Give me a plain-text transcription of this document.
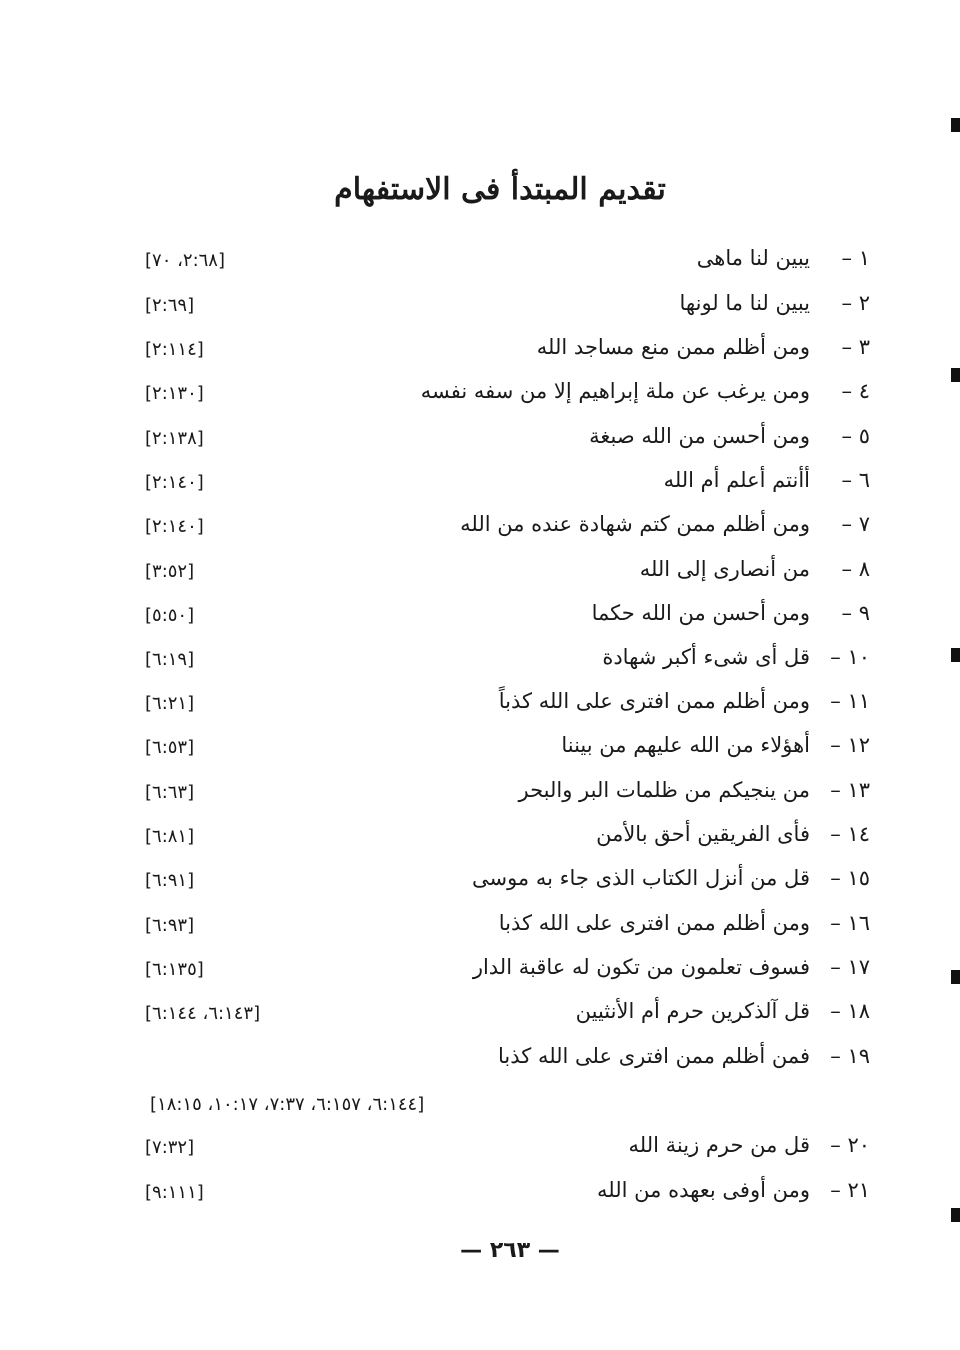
تقديم المبتدأ فى الاستفهام
١ –
يبين لنا ماهى
[٢:٦٨، ٧٠]
٢ –
يبين لنا ما لونها
[٢:٦٩]
٣ –
ومن أظلم ممن منع مساجد الله
[٢:١١٤]
٤ –
ومن يرغب عن ملة إبراهيم إلا من سفه نفسه
[٢:١٣٠]
٥ –
ومن أحسن من الله صبغة
[٢:١٣٨]
٦ –
أأنتم أعلم أم الله
[٢:١٤٠]
٧ –
ومن أظلم ممن كتم شهادة عنده من الله
[٢:١٤٠]
٨ –
من أنصارى إلى الله
[٣:٥٢]
٩ –
ومن أحسن من الله حكما
[٥:٥٠]
١٠ –
قل أى شىء أكبر شهادة
[٦:١٩]
١١ –
ومن أظلم ممن افترى على الله كذباً
[٦:٢١]
١٢ –
أهؤلاء من الله عليهم من بيننا
[٦:٥٣]
١٣ –
من ينجيكم من ظلمات البر والبحر
[٦:٦٣]
١٤ –
فأى الفريقين أحق بالأمن
[٦:٨١]
١٥ –
قل من أنزل الكتاب الذى جاء به موسى
[٦:٩١]
١٦ –
ومن أظلم ممن افترى على الله كذبا
[٦:٩٣]
١٧ –
فسوف تعلمون من تكون له عاقبة الدار
[٦:١٣٥]
١٨ –
قل آلذكرين حرم أم الأنثيين
[٦:١٤٣، ٦:١٤٤]
١٩ –
فمن أظلم ممن افترى على الله كذبا
٢٠ –
قل من حرم زينة الله
[٧:٣٢]
٢١ –
ومن أوفى بعهده من الله
[٩:١١١]
[٦:١٤٤، ٦:١٥٧، ٧:٣٧، ١٠:١٧، ١٨:١٥]
— ٢٦٣ —
